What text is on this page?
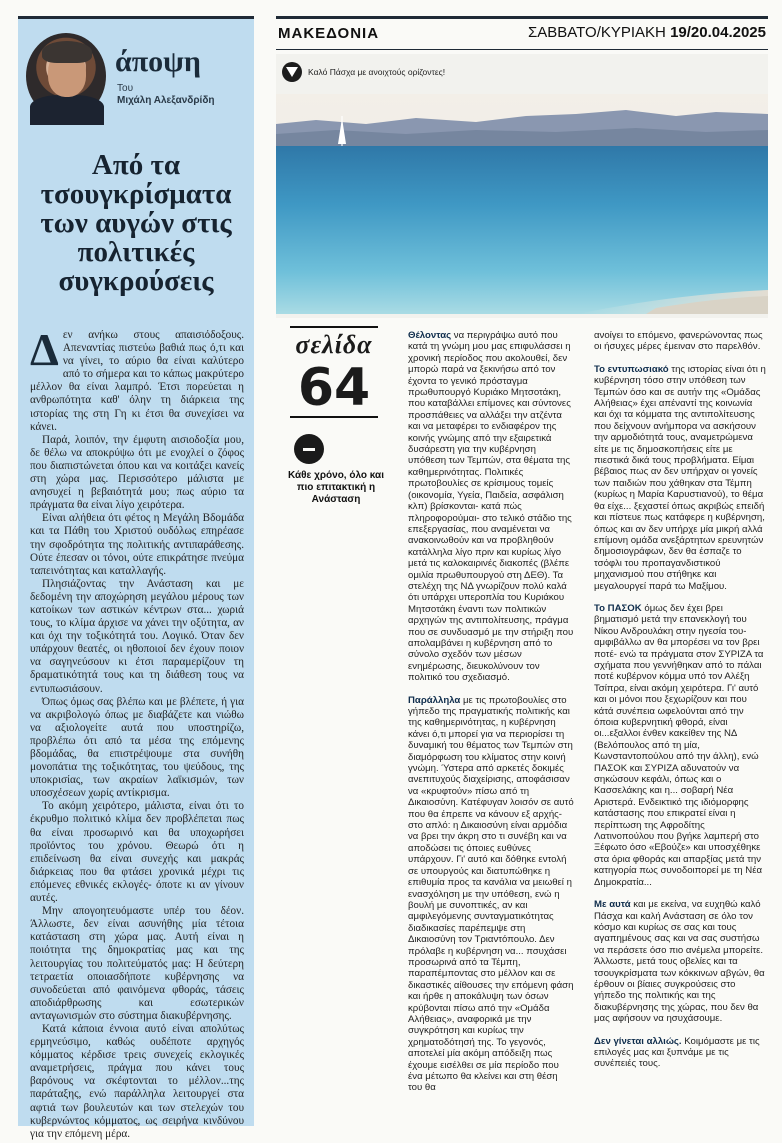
άποψη
Του
Μιχάλη Αλεξανδρίδη
Από τα τσουγκρίσματα των αυγών στις πολιτικές συγκρούσεις

Δεν ανήκω στους απαισιόδοξους. Απεναντίας πιστεύω βαθιά πως ό,τι και να γίνει, το αύριο θα είναι καλύτερο από το σήμερα και το κάπως μακρύτερο μέλλον θα είναι λαμπρό. Έτσι πορεύεται η ανθρωπότητα καθ' όλην τη διάρκεια της ιστορίας της στη Γη κι έτσι θα συνεχίσει να κάνει.

Παρά, λοιπόν, την έμφυτη αισιοδοξία μου, δε θέλω να αποκρύψω ότι με ενοχλεί ο ζόφος που διαπιστώνεται όπου και να κοιτάξει κανείς στη χώρα μας. Περισσότερο μάλιστα με ανησυχεί η βεβαιότητά μου; πως αύριο τα πράγματα θα είναι λίγο χειρότερα.

Είναι αλήθεια ότι φέτος η Μεγάλη Βδομάδα και τα Πάθη του Χριστού ουδόλως επηρέασε την σφοδρότητα της πολιτικής αντιπαράθεσης. Ούτε έπεσαν οι τόνοι, ούτε επικράτησε πνεύμα ταπεινότητας και καταλλαγής.

Πλησιάζοντας την Ανάσταση και με δεδομένη την αποχώρηση μεγάλου μέρους των κατοίκων των αστικών κέντρων στα... χωριά τους, το κλίμα άρχισε να χάνει την οξύτητα, αν και όχι την τοξικότητά του. Λογικό. Όταν δεν υπάρχουν θεατές, οι ηθοποιοί δεν έχουν ποιον να σαγηνεύσουν κι έτσι παραμερίζουν τη δραματικότητά τους και τη διάθεση τους να εντυπωσιάσουν.

Όπως όμως σας βλέπω και με βλέπετε, ή για να ακριβολογώ όπως με διαβάζετε και νιώθω να αξιολογείτε αυτά που υποστηρίζω, προβλέπω ότι από τα μέσα της επόμενης βδομάδας, θα επιστρέψουμε στα συνήθη μονοπάτια της τοξικότητας, του ψεύδους, της υποκρισίας, των ακραίων λαϊκισμών, των υποσχέσεων χωρίς αντίκρισμα.

Το ακόμη χειρότερο, μάλιστα, είναι ότι το έκρυθμο πολιτικό κλίμα δεν προβλέπεται πως θα είναι προσωρινό και θα υποχωρήσει προϊόντος του χρόνου. Θεωρώ ότι η επιδείνωση θα είναι συνεχής και μακράς διάρκειας που θα φτάσει χρονικά μέχρι τις επόμενες εθνικές εκλογές- όποτε κι αν γίνουν αυτές.

Μην απογοητευόμαστε υπέρ του δέον. Άλλωστε, δεν είναι ασυνήθης μία τέτοια κατάσταση στη χώρα μας. Αυτή είναι η ποιότητα της δημοκρατίας μας και της λειτουργίας του πολιτεύματός μας: Η δεύτερη τετραετία οποιασδήποτε κυβέρνησης να συνοδεύεται από φαινόμενα φθοράς, τάσεις αποδιάρθρωσης και εσωτερικών ανταγωνισμών στο σύστημα διακυβέρνησης.

Κατά κάποια έννοια αυτό είναι απολύτως ερμηνεύσιμο, καθώς ουδέποτε αρχηγός κόμματος κέρδισε τρεις συνεχείς εκλογικές αναμετρήσεις, πράγμα που κάνει τους βαρόνους να σκέφτονται το μέλλον...της παράταξης, ενώ παράλληλα λειτουργεί στα αφτιά των βουλευτών και των στελεχών του κυβερνώντος κόμματος, ως σειρήνα κινδύνου για την επόμενη μέρα.

ΜΑΚΕΔΟΝΙΑ	ΣΑΒΒΑΤΟ/ΚΥΡΙΑΚΗ 19/20.04.2025
Καλό Πάσχα με ανοιχτούς ορίζοντες!
σελίδα
64
Κάθε χρόνο, όλο και πιο επιτακτική η Ανάσταση

Θέλοντας να περιγράψω αυτό που κατά τη γνώμη μου μας επιφυλάσσει η χρονική περίοδος που ακολουθεί, δεν μπορώ παρά να ξεκινήσω από τον έχοντα το γενικό πρόσταγμα πρωθυπουργό Κυριάκο Μητσοτάκη, που καταβάλλει επίμονες και σύντονες προσπάθειες να αλλάξει την ατζέντα και να μεταφέρει το ενδιαφέρον της κοινής γνώμης από την εξαιρετικά δυσάρεστη για την κυβέρνηση υπόθεση των Τεμπών, στα θέματα της καθημερινότητας. Πολιτικές πρωτοβουλίες σε κρίσιμους τομείς (οικονομία, Υγεία, Παιδεία, ασφάλιση κλπ) βρίσκονται- κατά πώς πληροφορούμαι- στο τελικό στάδιο της επεξεργασίας, που αναμένεται να ανακοινωθούν και να προβληθούν κατάλληλα λίγο πριν και κυρίως λίγο μετά τις καλοκαιρινές διακοπές (βλέπε ομιλία πρωθυπουργού στη ΔΕΘ). Τα στελέχη της ΝΔ γνωρίζουν πολύ καλά ότι υπάρχει υπεροπλία του Κυριάκου Μητσοτάκη έναντι των πολιτικών αρχηγών της αντιπολίτευσης, πράγμα που σε συνδυασμό με την στήριξη που απολαμβάνει η κυβέρνηση από το σύνολο σχεδόν των μέσων ενημέρωσης, διευκολύνουν τον πολιτικό του σχεδιασμό.

Παράλληλα με τις πρωτοβουλίες στο γήπεδο της πραγματικής πολιτικής και της καθημερινότητας, η κυβέρνηση κάνει ό,τι μπορεί για να περιορίσει τη δυναμική του θέματος των Τεμπών στη διαμόρφωση του κλίματος στην κοινή γνώμη. Ύστερα από αρκετές δοκιμές ανεπιτυχούς διαχείρισης, αποφάσισαν να «κρυφτούν» πίσω από τη Δικαιοσύνη. Κατέφυγαν λοισόν σε αυτό που θα έπρεπε να κάνουν εξ αρχής- στο απλό: η Δικαιοσύνη είναι αρμόδια να βρει την άκρη στο τι συνέβη και να αποδώσει τις όποιες ευθύνες υπάρχουν. Γι' αυτό και δόθηκε εντολή σε υπουργούς και διατυπώθηκε η επιθυμία προς τα κανάλια να μειωθεί η ενασχόληση με την υπόθεση, ενώ η βουλή με συνοπτικές, αν και αμφιλεγόμενης συνταγματικότητας διαδικασίες παρέπεμψε στη Δικαιοσύνη τον Τριαντόπουλο. Δεν πρόλαβε η κυβέρνηση να... πσυχάσει προσωρινά από τα Τέμπη, παραπέμποντας στο μέλλον και σε δικαστικές αίθουσες την επόμενη φάση και ήρθε η αποκάλυψη των όσων κρύβονται πίσω από την «Ομάδα Αλήθειας», αναφορικά με την συγκρότηση και κυρίως την χρηματοδότησή της. Το γεγονός, αποτελεί μία ακόμη απόδειξη πως έχουμε εισέλθει σε μία περίοδο που ένα μέτωπο θα κλείνει και στη θέση του θα

ανοίγει το επόμενο, φανερώνοντας πως οι ήσυχες μέρες έμειναν στο παρελθόν.

Το εντυπωσιακό της ιστορίας είναι ότι η κυβέρνηση τόσο στην υπόθεση των Τεμπών όσο και σε αυτήν της «Ομάδας Αλήθειας» έχει απέναντί της κοινωνία και όχι τα κόμματα της αντιπολίτευσης που δείχνουν ανήμπορα να ασκήσουν την αρμοδιότητά τους, αναμετρώμενα είτε με τις δημοσκοπήσεις είτε με πιεστικά δικά τους προβλήματα. Είμαι βέβαιος πως αν δεν υπήρχαν οι γονείς των παιδιών που χάθηκαν στα Τέμπη (κυρίως η Μαρία Καρυστιανού), το θέμα θα είχε... ξεχαστεί όπως ακριβώς επειδή και πίστευε πως κατάφερε η κυβέρνηση, όπως και αν δεν υπήρχε μία μικρή αλλά επίμονη ομάδα ανεξάρτητων ερευνητών δημοσιογράφων, δεν θα έσπαζε το τσόφλι του προπαγανδιστικού μηχανισμού που στήθηκε και μεγαλουργεί παρά τω Μαξίμου.

Το ΠΑΣΟΚ όμως δεν έχει βρει βηματισμό μετά την επανεκλογή του Νίκου Ανδρουλάκη στην ηγεσία του- αμφιβάλλω αν θα μπορέσει να τον βρει ποτέ- ενώ τα πράγματα στον ΣΥΡΙΖΑ τα σχήματα που γεννήθηκαν από το πάλαι ποτέ κυβέρνον κόμμα υπό τον Αλέξη Τσίπρα, είναι ακόμη χειρότερα. Γι' αυτό και οι μόνοι που ξεχωρίζουν και που κάτά συνέπεια ωφελούνται από την όποια κυβερνητική φθορά, είναι οι...εξαλλοι ένθεν κακείθεν της ΝΔ (Βελόπουλος από τη μία, Κωνσταντοπούλου από την άλλη), ενώ ΠΑΣΟΚ και ΣΥΡΙΖΑ αδυνατούν να σηκώσουν κεφάλι, όπως και ο Κασσελάκης και η... σοβαρή Νέα Αριστερά. Ενδεικτικό της ιδιόμορφης κατάστασης που επικρατεί είναι η περίπτωση της Αφροδίτης Λατινοπούλου που βγήκε λαμπερή στο Ξέφωτο όσο «Εβούζε» και υποσχέθηκε στα όρια φθοράς και απαρξίας μετά την κατηγορία πως συνοδοιπορεί με τη Νέα Δημοκρατία...

Με αυτά και με εκείνα, να ευχηθώ καλό Πάσχα και καλή Ανάσταση σε όλο τον κόσμο και κυρίως σε σας και τους αγαπημένους σας και να σας συστήσω να περάσετε όσο πιο ανέμελα μπορείτε. Άλλωστε, μετά τους οβελίες και τα τσουγκρίσματα των κόκκινων αβγών, θα έρθουν οι βίαιες συγκρούσεις στο γήπεδο της πολιτικής και της διακυβέρνησης της χώρας, που δεν θα μας αφήσουν να ησυχάσουμε.

Δεν γίνεται αλλιώς. Κοιμόμαστε με τις επιλογές μας και ξυπνάμε με τις συνέπειές τους.
